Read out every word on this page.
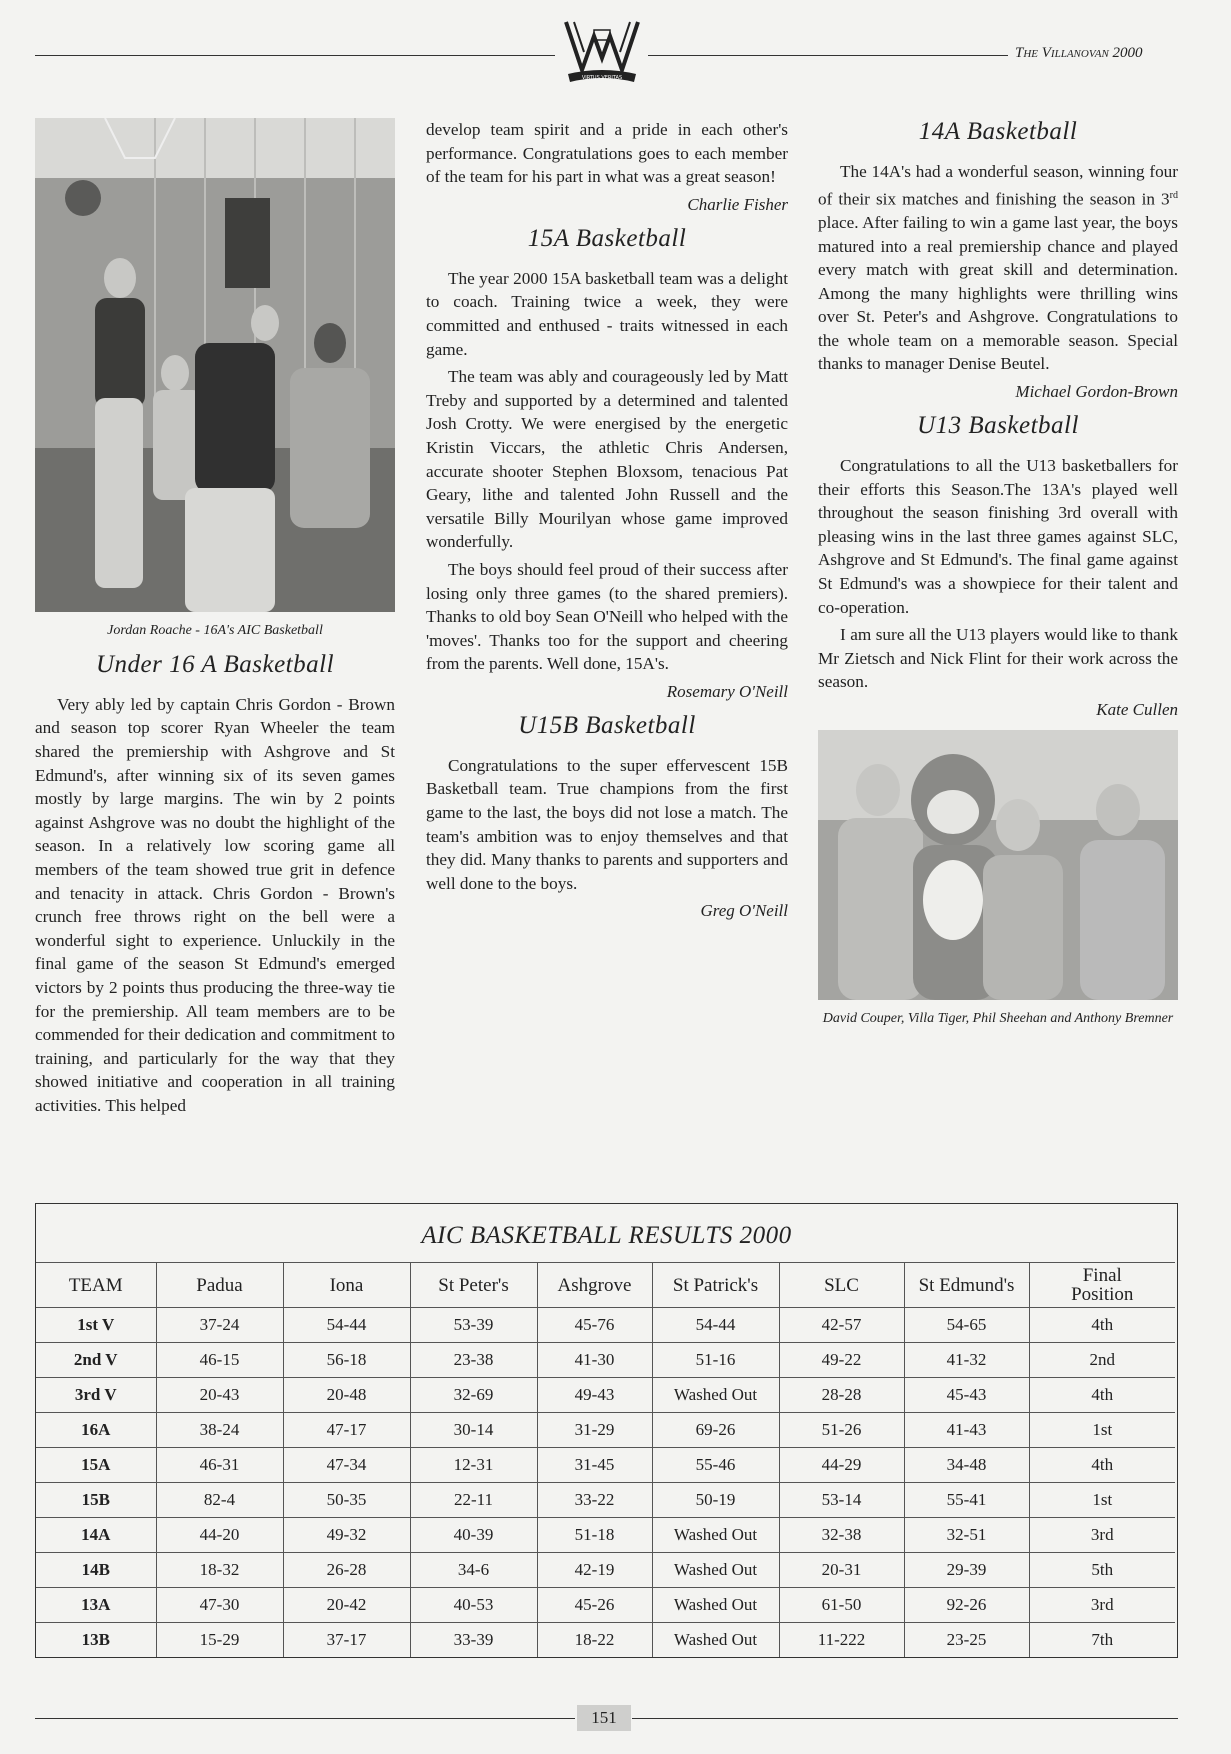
VIRTUS VERITAS
The Villanovan 2000

Jordan Roache - 16A's AIC Basketball

Under 16 A Basketball

Very ably led by captain Chris Gordon - Brown and season top scorer Ryan Wheeler the team shared the premiership with Ashgrove and St Edmund's, after winning six of its seven games mostly by large margins. The win by 2 points against Ashgrove was no doubt the highlight of the season. In a relatively low scoring game all members of the team showed true grit in defence and tenacity in attack. Chris Gordon - Brown's crunch free throws right on the bell were a wonderful sight to experience. Unluckily in the final game of the season St Edmund's emerged victors by 2 points thus producing the three-way tie for the premiership. All team members are to be commended for their dedication and commitment to training, and particularly for the way that they showed initiative and cooperation in all training activities. This helped

develop team spirit and a pride in each other's performance. Congratulations goes to each member of the team for his part in what was a great season!

Charlie Fisher

15A Basketball

The year 2000 15A basketball team was a delight to coach. Training twice a week, they were committed and enthused - traits witnessed in each game.

The team was ably and courageously led by Matt Treby and supported by a determined and talented Josh Crotty. We were energised by the energetic Kristin Viccars, the athletic Chris Andersen, accurate shooter Stephen Bloxsom, tenacious Pat Geary, lithe and talented John Russell and the versatile Billy Mourilyan whose game improved wonderfully.

The boys should feel proud of their success after losing only three games (to the shared premiers). Thanks to old boy Sean O'Neill who helped with the 'moves'. Thanks too for the support and cheering from the parents. Well done, 15A's.

Rosemary O'Neill

U15B Basketball

Congratulations to the super effervescent 15B Basketball team. True champions from the first game to the last, the boys did not lose a match. The team's ambition was to enjoy themselves and that they did. Many thanks to parents and supporters and well done to the boys.

Greg O'Neill

14A Basketball

The 14A's had a wonderful season, winning four of their six matches and finishing the season in 3rd place. After failing to win a game last year, the boys matured into a real premiership chance and played every match with great skill and determination. Among the many highlights were thrilling wins over St. Peter's and Ashgrove. Congratulations to the whole team on a memorable season. Special thanks to manager Denise Beutel.

Michael Gordon-Brown

U13 Basketball

Congratulations to all the U13 basketballers for their efforts this Season.The 13A's played well throughout the season finishing 3rd overall with pleasing wins in the last three games against SLC, Ashgrove and St Edmund's. The final game against St Edmund's was a showpiece for their talent and co-operation.

I am sure all the U13 players would like to thank Mr Zietsch and Nick Flint for their work across the season.

Kate Cullen

David Couper, Villa Tiger, Phil Sheehan and Anthony Bremner

AIC BASKETBALL RESULTS 2000
TEAM	Padua	Iona	St Peter's	Ashgrove	St Patrick's	SLC	St Edmund's	Final Position
1st V	37-24	54-44	53-39	45-76	54-44	42-57	54-65	4th
2nd V	46-15	56-18	23-38	41-30	51-16	49-22	41-32	2nd
3rd V	20-43	20-48	32-69	49-43	Washed Out	28-28	45-43	4th
16A	38-24	47-17	30-14	31-29	69-26	51-26	41-43	1st
15A	46-31	47-34	12-31	31-45	55-46	44-29	34-48	4th
15B	82-4	50-35	22-11	33-22	50-19	53-14	55-41	1st
14A	44-20	49-32	40-39	51-18	Washed Out	32-38	32-51	3rd
14B	18-32	26-28	34-6	42-19	Washed Out	20-31	29-39	5th
13A	47-30	20-42	40-53	45-26	Washed Out	61-50	92-26	3rd
13B	15-29	37-17	33-39	18-22	Washed Out	11-222	23-25	7th
151
